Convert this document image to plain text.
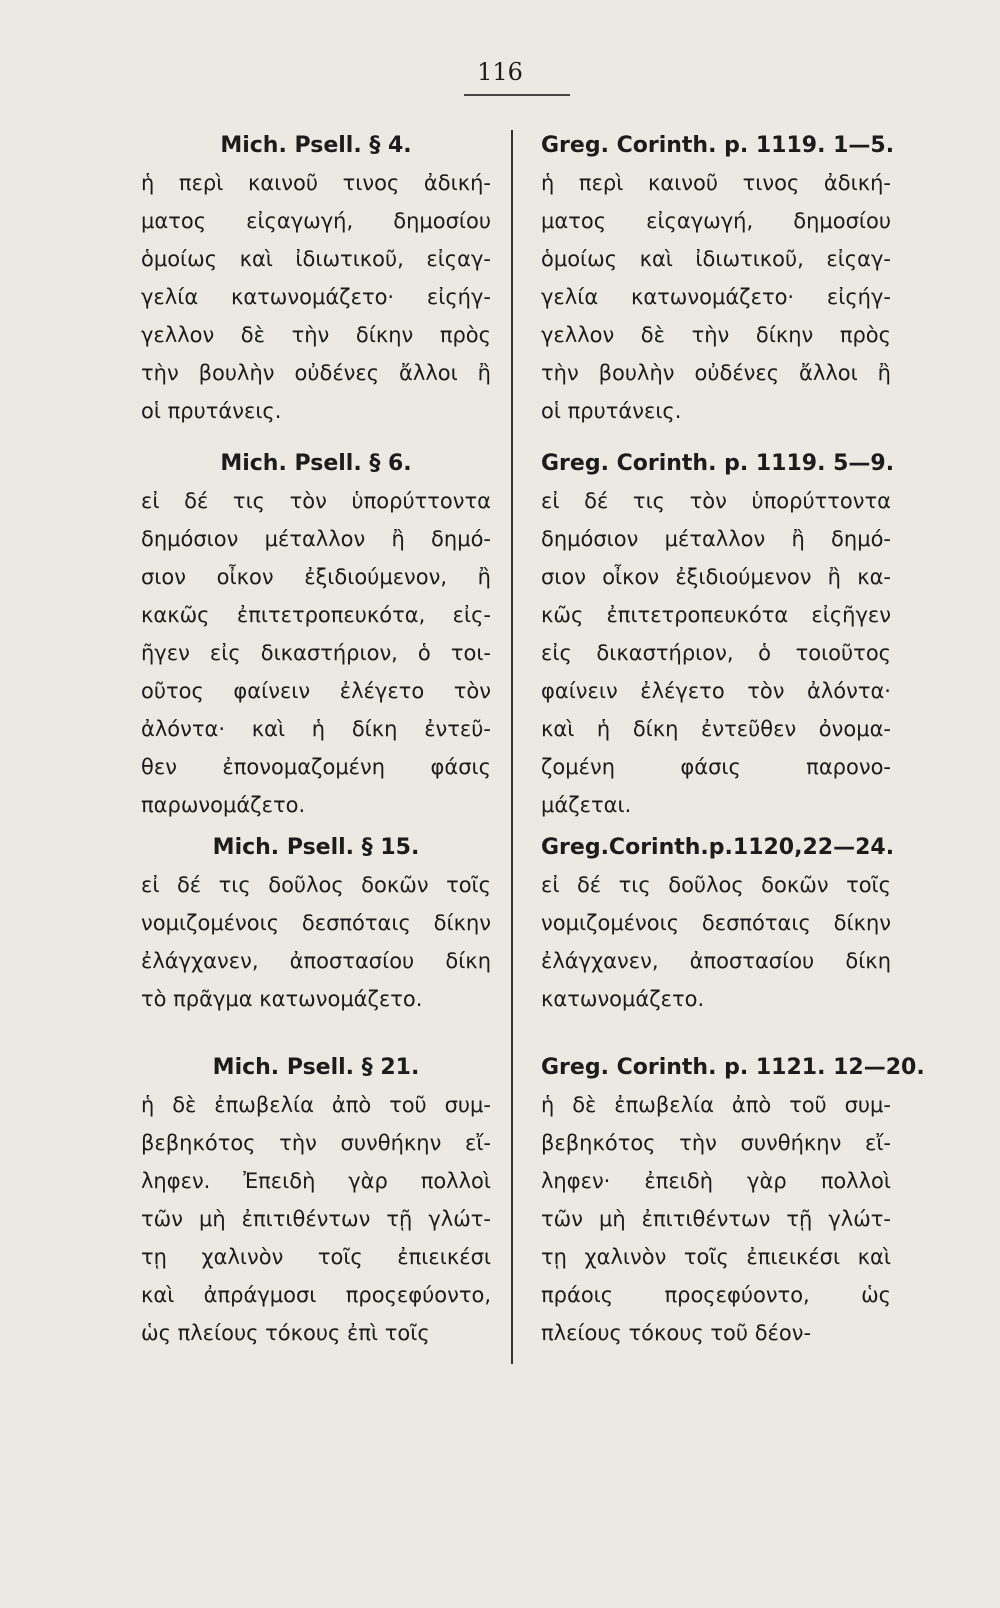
116
Mich. Psell. § 4.
ἡ περὶ καινοῦ τινος ἀδική-
ματος εἰςαγωγή, δημοσίου
ὁμοίως καὶ ἰδιωτικοῦ, εἰςαγ-
γελία κατωνομάζετο· εἰςήγ-
γελλον δὲ τὴν δίκην πρὸς
τὴν βουλὴν οὐδένες ἄλλοι ἢ
οἱ πρυτάνεις.
Mich. Psell. § 6.
εἰ δέ τις τὸν ὑπορύττοντα
δημόσιον μέταλλον ἢ δημό-
σιον οἶκον ἐξιδιούμενον, ἢ
κακῶς ἐπιτετροπευκότα, εἰς-
ῆγεν εἰς δικαστήριον, ὁ τοι-
οῦτος φαίνειν ἐλέγετο τὸν
ἀλόντα· καὶ ἡ δίκη ἐντεῦ-
θεν ἐπονομαζομένη φάσις
παρωνομάζετο.
Mich. Psell. § 15.
εἰ δέ τις δοῦλος δοκῶν τοῖς
νομιζομένοις δεσπόταις δίκην
ἐλάγχανεν, ἀποστασίου δίκη
τὸ πρᾶγμα κατωνομάζετο.
Mich. Psell. § 21.
ἡ δὲ ἐπωβελία ἀπὸ τοῦ συμ-
βεβηκότος τὴν συνθήκην εἴ-
ληφεν. Ἐπειδὴ γὰρ πολλοὶ
τῶν μὴ ἐπιτιθέντων τῇ γλώτ-
τῃ χαλινὸν τοῖς ἐπιεικέσι
καὶ ἀπράγμοσι προςεφύοντο,
ὡς πλείους τόκους ἐπὶ τοῖς
Greg. Corinth. p. 1119. 1—5.
ἡ περὶ καινοῦ τινος ἀδική-
ματος εἰςαγωγή, δημοσίου
ὁμοίως καὶ ἰδιωτικοῦ, εἰςαγ-
γελία κατωνομάζετο· εἰςήγ-
γελλον δὲ τὴν δίκην πρὸς
τὴν βουλὴν οὐδένες ἄλλοι ἢ
οἱ πρυτάνεις.
Greg. Corinth. p. 1119. 5—9.
εἰ δέ τις τὸν ὑπορύττοντα
δημόσιον μέταλλον ἢ δημό-
σιον οἶκον ἐξιδιούμενον ἢ κα-
κῶς ἐπιτετροπευκότα εἰςῆγεν
εἰς δικαστήριον, ὁ τοιοῦτος
φαίνειν ἐλέγετο τὸν ἀλόντα·
καὶ ἡ δίκη ἐντεῦθεν ὀνομα-
ζομένη φάσις παρονο-
μάζεται.
Greg.Corinth.p.1120,22—24.
εἰ δέ τις δοῦλος δοκῶν τοῖς
νομιζομένοις δεσπόταις δίκην
ἐλάγχανεν, ἀποστασίου δίκη
κατωνομάζετο.
Greg. Corinth. p. 1121. 12—20.
ἡ δὲ ἐπωβελία ἀπὸ τοῦ συμ-
βεβηκότος τὴν συνθήκην εἴ-
ληφεν· ἐπειδὴ γὰρ πολλοὶ
τῶν μὴ ἐπιτιθέντων τῇ γλώτ-
τῃ χαλινὸν τοῖς ἐπιεικέσι καὶ
πράοις προςεφύοντο, ὡς
πλείους τόκους τοῦ δέον-
